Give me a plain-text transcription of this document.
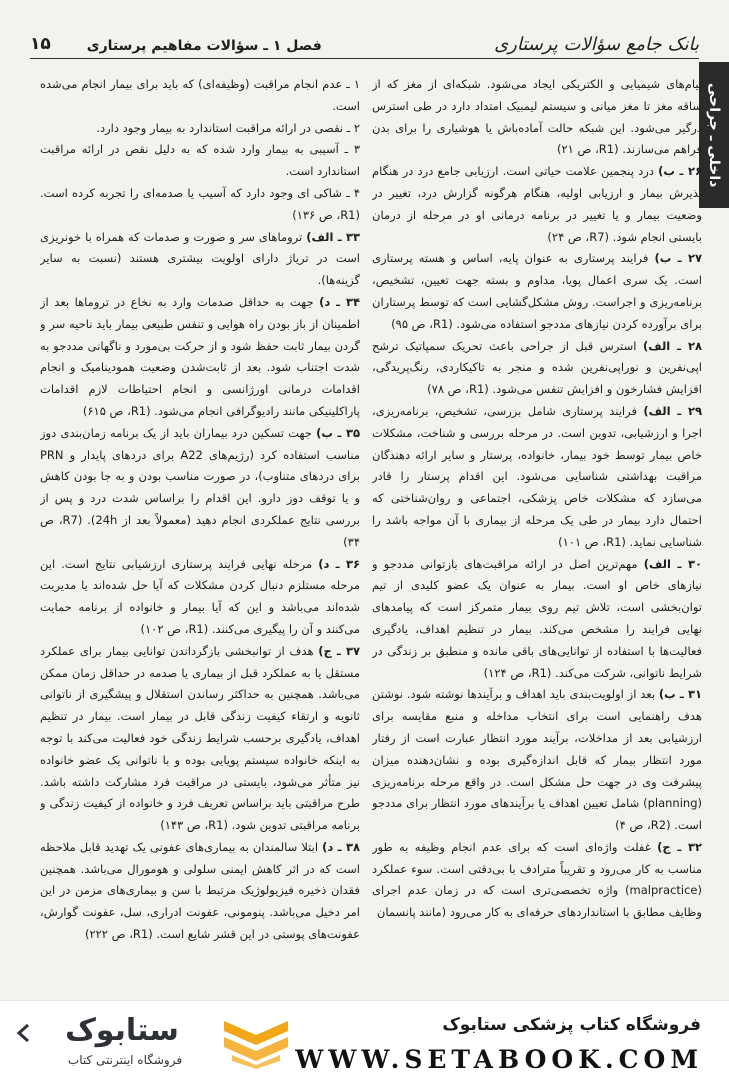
بانک جامع سؤالات پرستاری
فصل ۱ ـ سؤالات مفاهیم پرستاری
۱۵
داخلی ـ جراحی

پیام‌های شیمیایی و الکتریکی ایجاد می‌شود. شبکه‌ای از مغز که از ساقه مغز تا مغز میانی و سیستم لیمبیک امتداد دارد در طی استرس درگیر می‌شود. این شبکه حالت آماده‌باش یا هوشیاری را برای بدن فراهم می‌سازند. (R1، ص ۲۱)

۲۶ ـ ب) درد پنجمین علامت حیاتی است. ارزیابی جامع درد در هنگام پذیرش بیمار و ارزیابی اولیه، هنگام هرگونه گزارش درد، تغییر در وضعیت بیمار و یا تغییر در برنامه درمانی او در مرحله از درمان بایستی انجام شود. (R7، ص ۲۴)

۲۷ ـ ب) فرایند پرستاری به عنوان پایه، اساس و هسته پرستاری است. یک سری اعمال پویا، مداوم و بسته جهت تعیین، تشخیص، برنامه‌ریزی و اجراست. روش مشکل‌گشایی است که توسط پرستاران برای برآورده کردن نیازهای مددجو استفاده می‌شود. (R1، ص ۹۵)

۲۸ ـ الف) استرس قبل از جراحی باعث تحریک سمپاتیک ترشح اپی‌نفرین و نوراپی‌نفرین شده و منجر به تاکیکاردی، رنگ‌پریدگی، افزایش فشارخون و افزایش تنفس می‌شود. (R1، ص ۷۸)

۲۹ ـ الف) فرایند پرستاری شامل بررسی، تشخیص، برنامه‌ریزی، اجرا و ارزشیابی، تدوین است. در مرحله بررسی و شناخت، مشکلات خاص بیمار توسط خود بیمار، خانواده، پرستار و سایر ارائه دهندگان مراقبت بهداشتی شناسایی می‌شود. این اقدام پرستار را قادر می‌سازد که مشکلات خاص پزشکی، اجتماعی و روان‌شناختی که احتمال دارد بیمار در طی یک مرحله از بیماری با آن مواجه باشد را شناسایی نماید. (R1، ص ۱۰۱)

۳۰ ـ الف) مهم‌ترین اصل در ارائه مراقبت‌های بازتوانی مددجو و نیازهای خاص او است. بیمار به عنوان یک عضو کلیدی از تیم توان‌بخشی است، تلاش تیم روی بیمار متمرکز است که پیامدهای نهایی فرایند را مشخص می‌کند. بیمار در تنظیم اهداف، یادگیری فعالیت‌ها با استفاده از توانایی‌های باقی مانده و منطبق بر زندگی در شرایط ناتوانی، شرکت می‌کند. (R1، ص ۱۲۴)

۳۱ ـ ب) بعد از اولویت‌بندی باید اهداف و برآیندها نوشته شود. نوشتن هدف راهنمایی است برای انتخاب مداخله و منبع مقایسه برای ارزشیابی بعد از مداخلات، برآیند مورد انتظار عبارت است از رفتار مورد انتظار بیمار که قابل اندازه‌گیری بوده و نشان‌دهنده میزان پیشرفت وی در جهت حل مشکل است. در واقع مرحله برنامه‌ریزی (planning) شامل تعیین اهداف یا برآیندهای مورد انتظار برای مددجو است. (R2، ص ۴)

۳۲ ـ ج) غفلت واژه‌ای است که برای عدم انجام وظیفه به طور مناسب به کار می‌رود و تقریباً مترادف با بی‌دقتی است. سوء عملکرد (malpractice) واژه تخصصی‌تری است که در زمان عدم اجرای وظایف مطابق با استانداردهای حرفه‌ای به کار می‌رود (مانند پانسمان

۱ ـ عدم انجام مراقبت (وظیفه‌ای) که باید برای بیمار انجام می‌شده است.

۲ ـ نقصی در ارائه مراقبت استاندارد به بیمار وجود دارد.

۳ ـ آسیبی به بیمار وارد شده که به دلیل نقص در ارائه مراقبت استاندارد است.

۴ ـ شاکی ای وجود دارد که آسیب یا صدمه‌ای را تجربه کرده است. (R1، ص ۱۳۶)

۳۳ ـ الف) تروماهای سر و صورت و صدمات که همراه با خونریزی است در تریاژ دارای اولویت بیشتری هستند (نسبت به سایر گزینه‌ها).

۳۴ ـ د) جهت به حداقل صدمات وارد به نخاع در تروماها بعد از اطمینان از باز بودن راه هوایی و تنفس طبیعی بیمار باید ناحیه سر و گردن بیمار ثابت حفظ شود و از حرکت بی‌مورد و ناگهانی مددجو به شدت اجتناب شود. بعد از ثابت‌شدن وضعیت همودینامیک و انجام اقدامات درمانی اورژانسی و انجام احتیاطات لازم اقدامات پاراکلینیکی مانند رادیوگرافی انجام می‌شود. (R1، ص ۶۱۵)

۳۵ ـ ب) جهت تسکین درد بیماران باید از یک برنامه زمان‌بندی دوز مناسب استفاده کرد (رژیم‌های A22 برای دردهای پایدار و PRN برای دردهای متناوب)، در صورت مناسب بودن و به جا بودن کاهش و یا توقف دوز دارو. این اقدام را براساس شدت درد و پس از بررسی نتایج عملکردی انجام دهید (معمولاً بعد از 24h). (R7، ص ۳۴)

۳۶ ـ د) مرحله نهایی فرایند پرستاری ارزشیابی نتایج است. این مرحله مستلزم دنبال کردن مشکلات که آیا حل شده‌اند یا مدیریت شده‌اند می‌باشد و این که آیا بیمار و خانواده از برنامه حمایت می‌کنند و آن را پیگیری می‌کنند. (R1، ص ۱۰۲)

۳۷ ـ ج) هدف از توانبخشی بازگرداندن توانایی بیمار برای عملکرد مستقل یا به عملکرد قبل از بیماری یا صدمه در حداقل زمان ممکن می‌باشد. همچنین به حداکثر رساندن استقلال و پیشگیری از ناتوانی ثانویه و ارتقاء کیفیت زندگی قابل در بیمار است. بیمار در تنظیم اهداف، یادگیری برحسب شرایط زندگی خود فعالیت می‌کند با توجه به اینکه خانواده سیستم پویایی بوده و با ناتوانی یک عضو خانواده نیز متأثر می‌شود، بایستی در مراقبت فرد مشارکت داشته باشد. طرح مراقبتی باید براساس تعریف فرد و خانواده از کیفیت زندگی و برنامه مراقبتی تدوین شود. (R1، ص ۱۴۳)

۳۸ ـ د) ابتلا سالمندان به بیماری‌های عفونی یک تهدید قابل ملاحظه است که در اثر کاهش ایمنی سلولی و هومورال می‌باشد. همچنین فقدان ذخیره فیزیولوژیک مرتبط با سن و بیماری‌های مزمن در این امر دخیل می‌باشد. پنومونی، عفونت ادراری، سل، عفونت گوارش، عفونت‌های پوستی در این قشر شایع است. (R1، ص ۲۲۲)

ستابوک
فروشگاه اینترنتی کتاب
فروشگاه کتاب پزشکی ستابوک
WWW.SETABOOK.COM
